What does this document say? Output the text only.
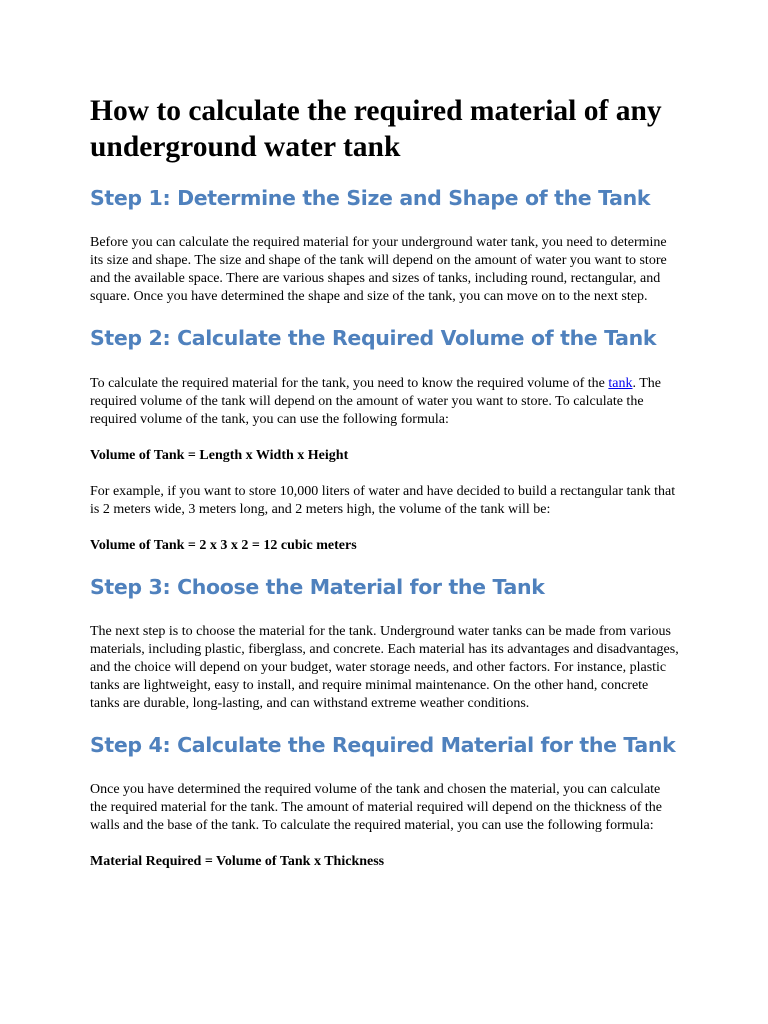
How to calculate the required material of any underground water tank
Step 1: Determine the Size and Shape of the Tank

Before you can calculate the required material for your underground water tank, you need to determine its size and shape. The size and shape of the tank will depend on the amount of water you want to store and the available space. There are various shapes and sizes of tanks, including round, rectangular, and square. Once you have determined the shape and size of the tank, you can move on to the next step.

Step 2: Calculate the Required Volume of the Tank

To calculate the required material for the tank, you need to know the required volume of the tank. The required volume of the tank will depend on the amount of water you want to store. To calculate the required volume of the tank, you can use the following formula:

Volume of Tank = Length x Width x Height

For example, if you want to store 10,000 liters of water and have decided to build a rectangular tank that is 2 meters wide, 3 meters long, and 2 meters high, the volume of the tank will be:

Volume of Tank = 2 x 3 x 2 = 12 cubic meters

Step 3: Choose the Material for the Tank

The next step is to choose the material for the tank. Underground water tanks can be made from various materials, including plastic, fiberglass, and concrete. Each material has its advantages and disadvantages, and the choice will depend on your budget, water storage needs, and other factors. For instance, plastic tanks are lightweight, easy to install, and require minimal maintenance. On the other hand, concrete tanks are durable, long-lasting, and can withstand extreme weather conditions.

Step 4: Calculate the Required Material for the Tank

Once you have determined the required volume of the tank and chosen the material, you can calculate the required material for the tank. The amount of material required will depend on the thickness of the walls and the base of the tank. To calculate the required material, you can use the following formula:

Material Required = Volume of Tank x Thickness
